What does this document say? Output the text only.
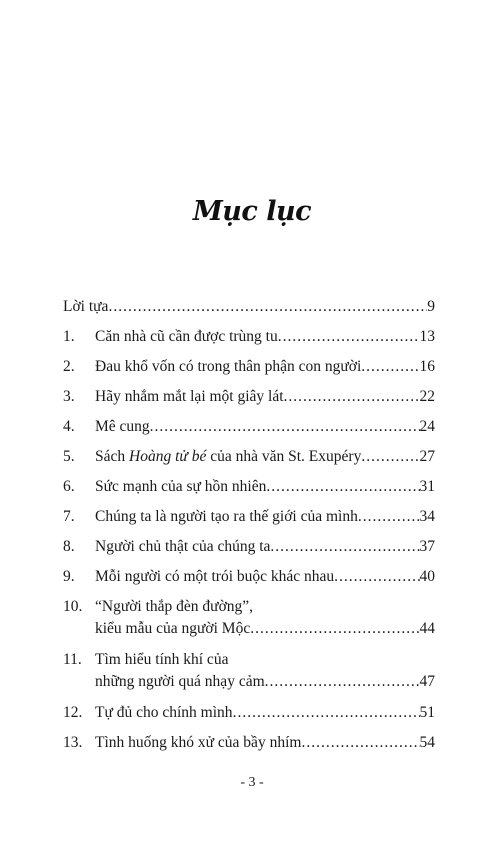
Mục lục
Lời tựa .....	9
1.	Căn nhà cũ cần được trùng tu .....	13
2.	Đau khổ vốn có trong thân phận con người .....	16
3.	Hãy nhắm mắt lại một giây lát .....	22
4.	Mê cung .....	24
5.	Sách Hoàng tử bé của nhà văn St. Exupéry .....	27
6.	Sức mạnh của sự hồn nhiên .....	31
7.	Chúng ta là người tạo ra thế giới của mình .....	34
8.	Người chủ thật của chúng ta .....	37
9.	Mỗi người có một trói buộc khác nhau .....	40
10. “Người thắp đèn đường”,
kiểu mẫu của người Mộc .....	44
11. Tìm hiểu tính khí của
những người quá nhạy cảm .....	47
12. Tự đủ cho chính mình .....	51
13. Tình huống khó xử của bầy nhím .....	54
- 3 -
